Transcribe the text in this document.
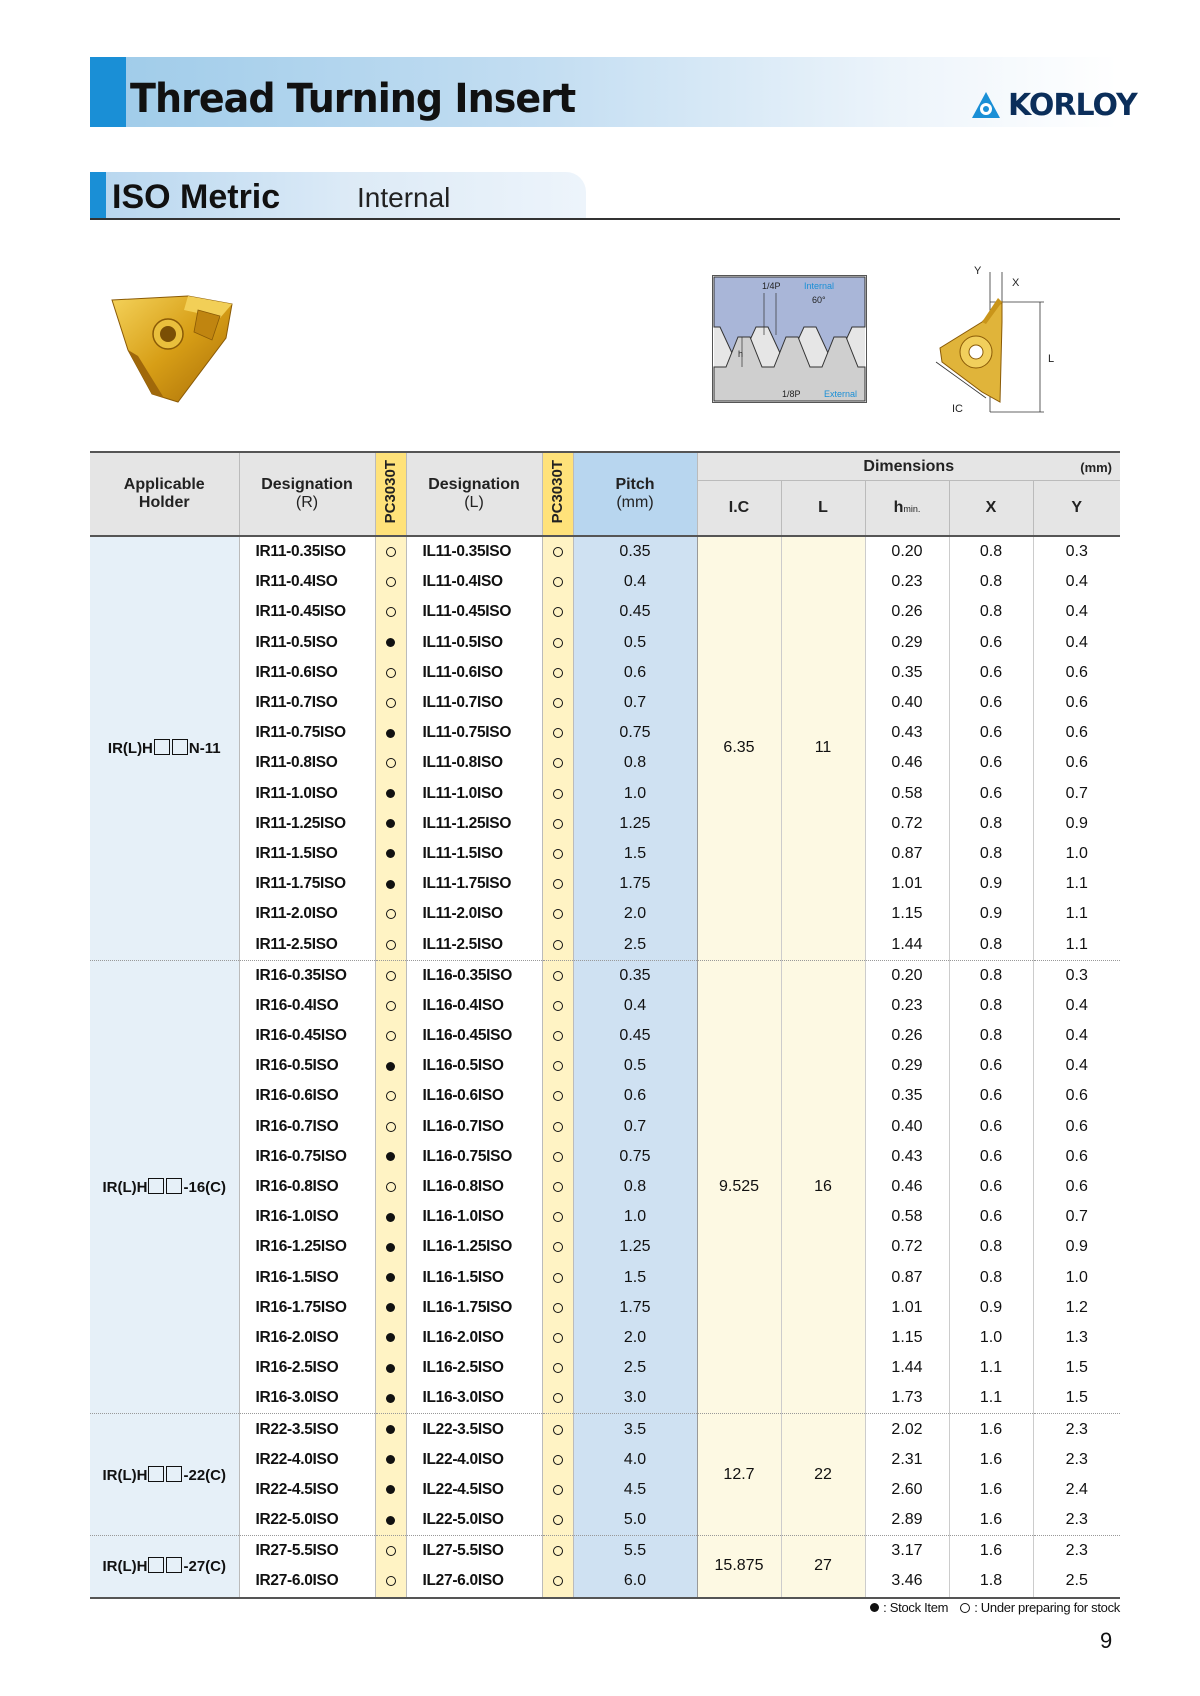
Thread Turning Insert	KORLOY
ISO Metric	Internal
1/4P	Internal
60°
h
1/8P	External
Y
X
L
IC
Applicable Holder	Designation
(R)	PC3030T	Designation
(L)	PC3030T	Pitch
(mm)	Dimensions (mm)				

						I.C	L	hmin.	X	Y
IR(L)H N-11	IR11-0.35ISO		IL11-0.35ISO		0.35	6.35	11	0.20	0.8	0.3
	IR11-0.4ISO		IL11-0.4ISO		0.4			0.23	0.8	0.4
	IR11-0.45ISO		IL11-0.45ISO		0.45			0.26	0.8	0.4
	IR11-0.5ISO		IL11-0.5ISO		0.5			0.29	0.6	0.4
	IR11-0.6ISO		IL11-0.6ISO		0.6			0.35	0.6	0.6
	IR11-0.7ISO		IL11-0.7ISO		0.7			0.40	0.6	0.6
	IR11-0.75ISO		IL11-0.75ISO		0.75			0.43	0.6	0.6
	IR11-0.8ISO		IL11-0.8ISO		0.8			0.46	0.6	0.6
	IR11-1.0ISO		IL11-1.0ISO		1.0			0.58	0.6	0.7
	IR11-1.25ISO		IL11-1.25ISO		1.25			0.72	0.8	0.9
	IR11-1.5ISO		IL11-1.5ISO		1.5			0.87	0.8	1.0
	IR11-1.75ISO		IL11-1.75ISO		1.75			1.01	0.9	1.1
	IR11-2.0ISO		IL11-2.0ISO		2.0			1.15	0.9	1.1
	IR11-2.5ISO		IL11-2.5ISO		2.5			1.44	0.8	1.1
IR(L)H -16(C)	IR16-0.35ISO		IL16-0.35ISO		0.35	9.525	16	0.20	0.8	0.3
	IR16-0.4ISO		IL16-0.4ISO		0.4			0.23	0.8	0.4
	IR16-0.45ISO		IL16-0.45ISO		0.45			0.26	0.8	0.4
	IR16-0.5ISO		IL16-0.5ISO		0.5			0.29	0.6	0.4
	IR16-0.6ISO		IL16-0.6ISO		0.6			0.35	0.6	0.6
	IR16-0.7ISO		IL16-0.7ISO		0.7			0.40	0.6	0.6
	IR16-0.75ISO		IL16-0.75ISO		0.75			0.43	0.6	0.6
	IR16-0.8ISO		IL16-0.8ISO		0.8			0.46	0.6	0.6
	IR16-1.0ISO		IL16-1.0ISO		1.0			0.58	0.6	0.7
	IR16-1.25ISO		IL16-1.25ISO		1.25			0.72	0.8	0.9
	IR16-1.5ISO		IL16-1.5ISO		1.5			0.87	0.8	1.0
	IR16-1.75ISO		IL16-1.75ISO		1.75			1.01	0.9	1.2
	IR16-2.0ISO		IL16-2.0ISO		2.0			1.15	1.0	1.3
	IR16-2.5ISO		IL16-2.5ISO		2.5			1.44	1.1	1.5
	IR16-3.0ISO		IL16-3.0ISO		3.0			1.73	1.1	1.5
IR(L)H -22(C)	IR22-3.5ISO		IL22-3.5ISO		3.5	12.7	22	2.02	1.6	2.3
	IR22-4.0ISO		IL22-4.0ISO		4.0			2.31	1.6	2.3
	IR22-4.5ISO		IL22-4.5ISO		4.5			2.60	1.6	2.4
	IR22-5.0ISO		IL22-5.0ISO		5.0			2.89	1.6	2.3
IR(L)H -27(C)	IR27-5.5ISO		IL27-5.5ISO		5.5	15.875	27	3.17	1.6	2.3
	IR27-6.0ISO		IL27-6.0ISO		6.0			3.46	1.8	2.5
: Stock Item : Under preparing for stock
9
